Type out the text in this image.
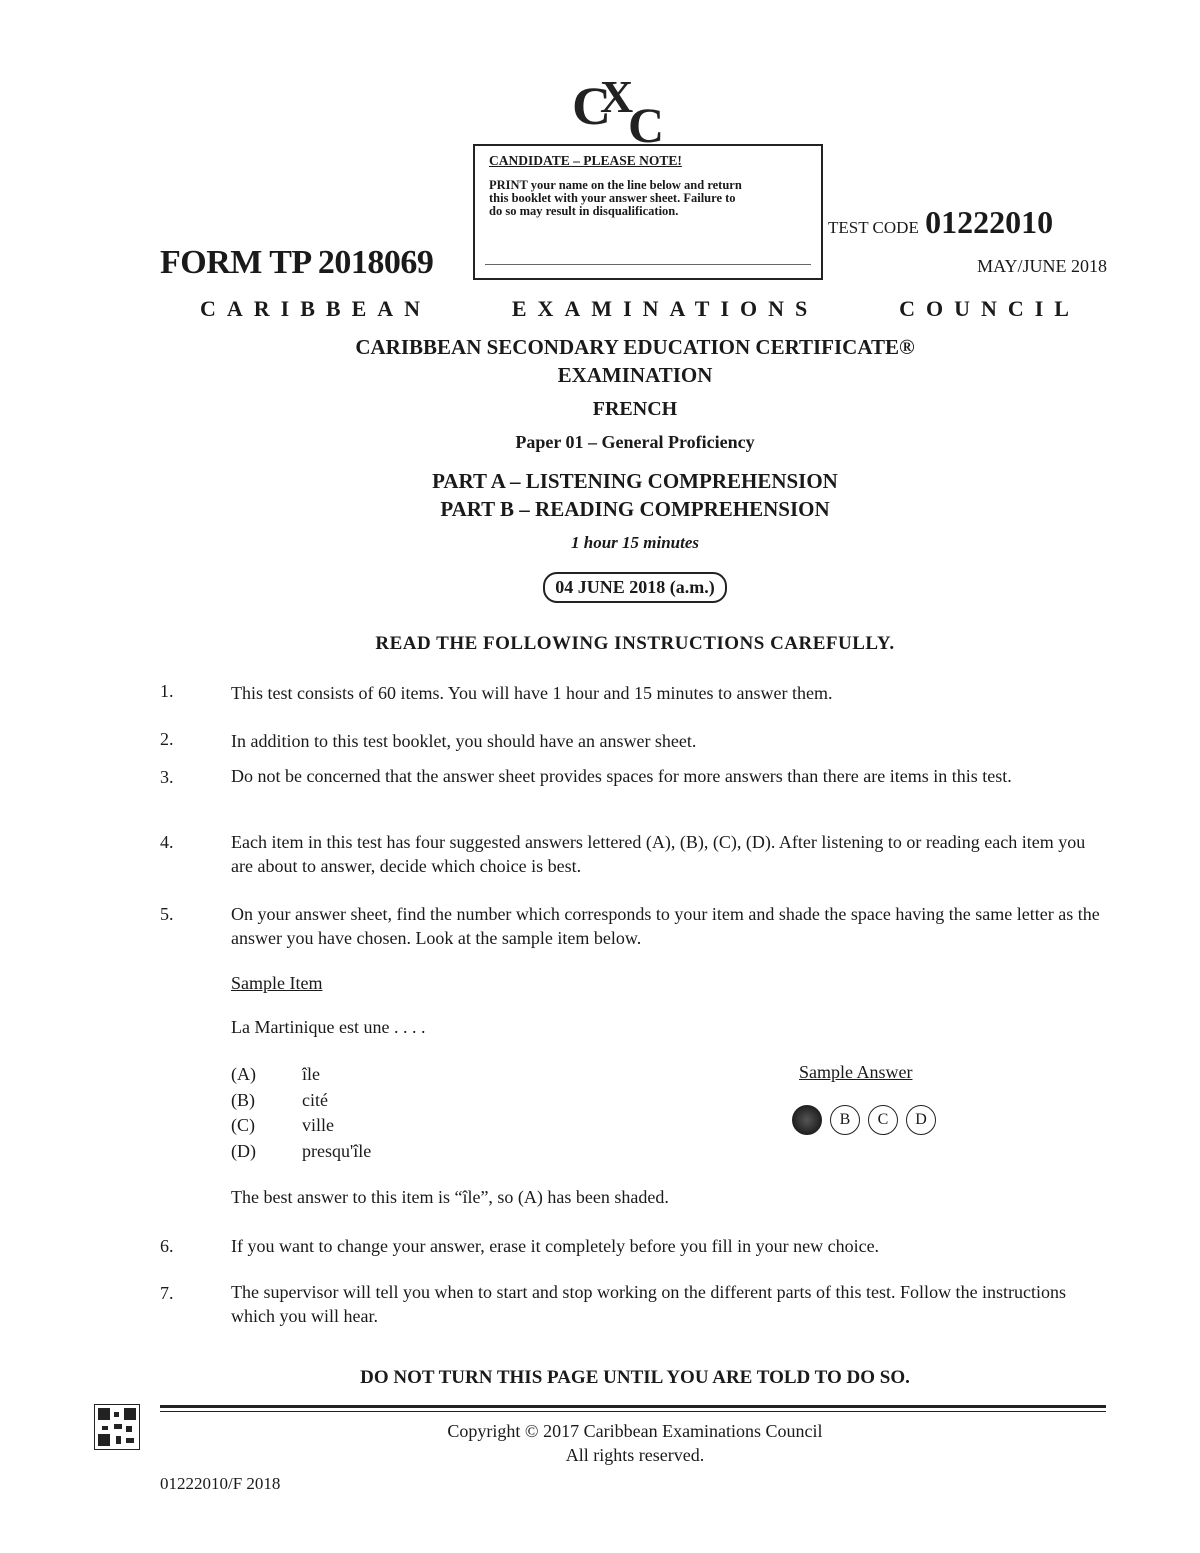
C
X
C
CANDIDATE – PLEASE NOTE!
PRINT your name on the line below and return
this booklet with your answer sheet. Failure to
do so may result in disqualification.
FORM TP 2018069
TEST CODE 01222010
MAY/JUNE 2018
CARIBBEAN	EXAMINATIONS	COUNCIL
CARIBBEAN SECONDARY EDUCATION CERTIFICATE®
EXAMINATION
FRENCH
Paper 01 – General Proficiency
PART A – LISTENING COMPREHENSION
PART B – READING COMPREHENSION
1 hour 15 minutes
04 JUNE 2018 (a.m.)
READ THE FOLLOWING INSTRUCTIONS CAREFULLY.
1.	This test consists of 60 items. You will have 1 hour and 15 minutes to answer them.
2.	In addition to this test booklet, you should have an answer sheet.
3.	Do not be concerned that the answer sheet provides spaces for more answers than there are items in this test.
4.	Each item in this test has four suggested answers lettered (A), (B), (C), (D). After listening to or reading each item you are about to answer, decide which choice is best.
5.	On your answer sheet, find the number which corresponds to your item and shade the space having the same letter as the answer you have chosen. Look at the sample item below.
Sample Item
La Martinique est une . . . .
(A)	île
(B)	cité
(C)	ville
(D)	presqu'île
Sample Answer
B	C	D
The best answer to this item is “île”, so (A) has been shaded.
6.	If you want to change your answer, erase it completely before you fill in your new choice.
7.	The supervisor will tell you when to start and stop working on the different parts of this test. Follow the instructions which you will hear.
DO NOT TURN THIS PAGE UNTIL YOU ARE TOLD TO DO SO.
Copyright © 2017 Caribbean Examinations Council
All rights reserved.
01222010/F 2018
